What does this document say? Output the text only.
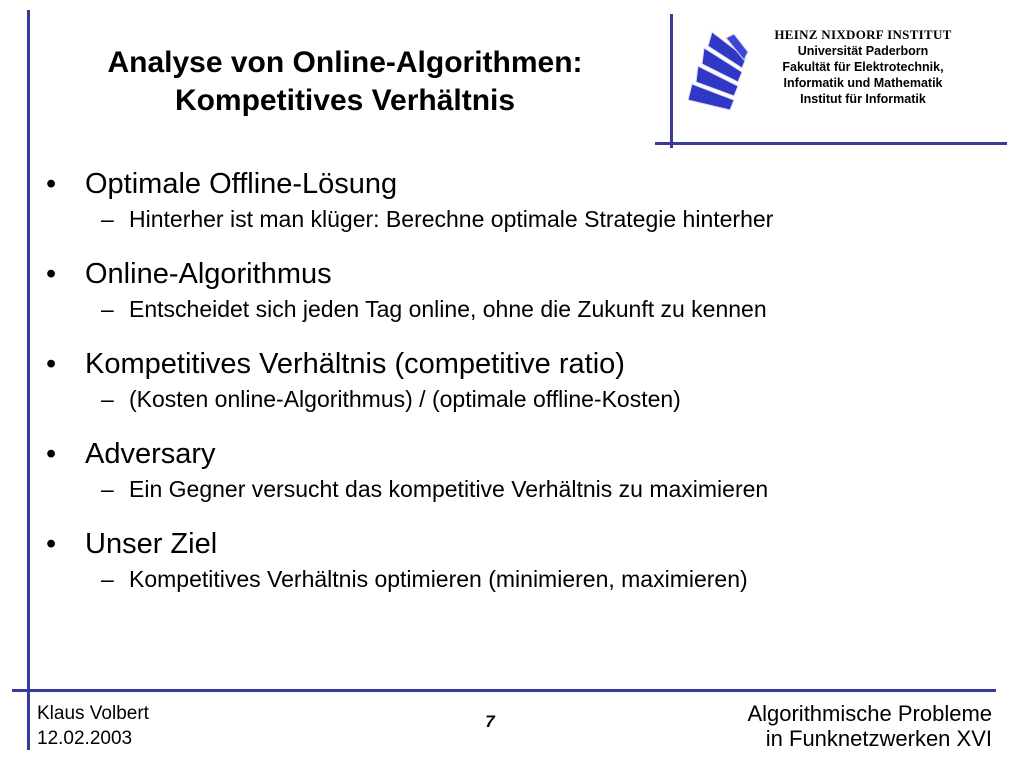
Analyse von Online-Algorithmen:
Kompetitives Verhältnis
HEINZ NIXDORF INSTITUT
Universität Paderborn
Fakultät für Elektrotechnik,
Informatik und Mathematik
Institut für Informatik
• Optimale Offline-Lösung
– Hinterher ist man klüger: Berechne optimale Strategie hinterher
• Online-Algorithmus
– Entscheidet sich jeden Tag online, ohne die Zukunft zu kennen
• Kompetitives Verhältnis (competitive ratio)
– (Kosten online-Algorithmus) / (optimale offline-Kosten)
• Adversary
– Ein Gegner versucht das kompetitive Verhältnis zu maximieren
• Unser Ziel
– Kompetitives Verhältnis optimieren (minimieren, maximieren)
Klaus Volbert
12.02.2003
7	Algorithmische Probleme
in Funknetzwerken XVI
